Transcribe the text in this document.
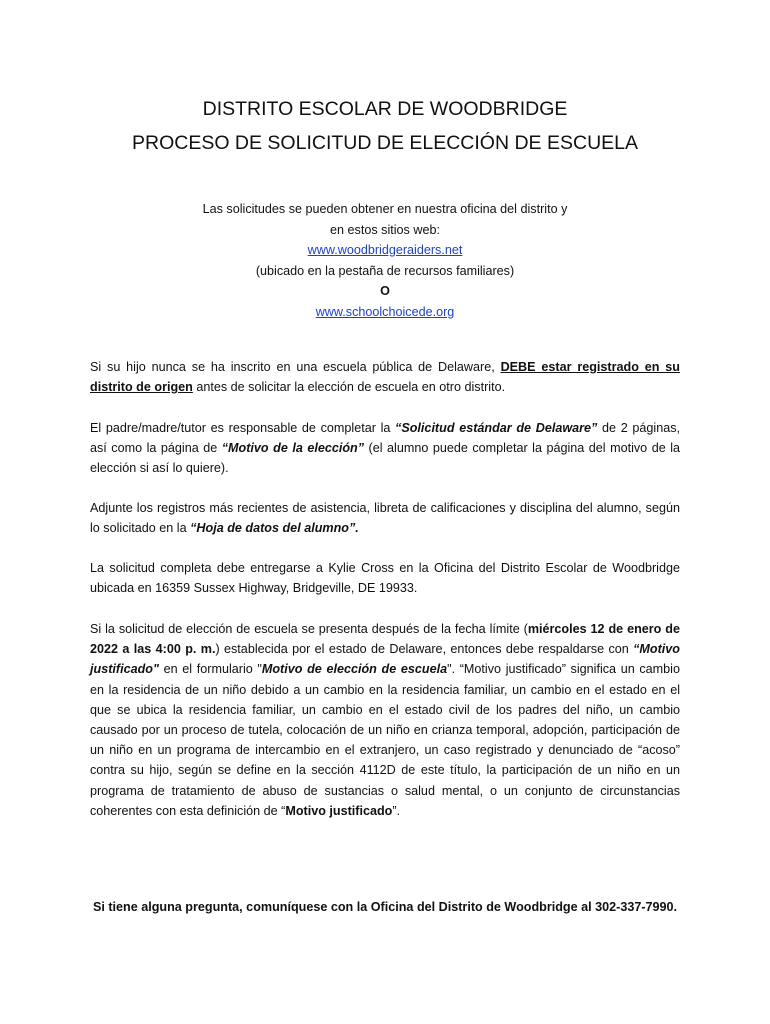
DISTRITO ESCOLAR DE WOODBRIDGE
PROCESO DE SOLICITUD DE ELECCIÓN DE ESCUELA
Las solicitudes se pueden obtener en nuestra oficina del distrito y
en estos sitios web:
www.woodbridgeraiders.net
(ubicado en la pestaña de recursos familiares)
O
www.schoolchoicede.org
Si su hijo nunca se ha inscrito en una escuela pública de Delaware, DEBE estar registrado en su distrito de origen antes de solicitar la elección de escuela en otro distrito.
El padre/madre/tutor es responsable de completar la “Solicitud estándar de Delaware” de 2 páginas, así como la página de “Motivo de la elección” (el alumno puede completar la página del motivo de la elección si así lo quiere).
Adjunte los registros más recientes de asistencia, libreta de calificaciones y disciplina del alumno, según lo solicitado en la “Hoja de datos del alumno”.
La solicitud completa debe entregarse a Kylie Cross en la Oficina del Distrito Escolar de Woodbridge ubicada en 16359 Sussex Highway, Bridgeville, DE 19933.
Si la solicitud de elección de escuela se presenta después de la fecha límite (miércoles 12 de enero de 2022 a las 4:00 p. m.) establecida por el estado de Delaware, entonces debe respaldarse con “Motivo justificado" en el formulario "Motivo de elección de escuela". “Motivo justificado” significa un cambio en la residencia de un niño debido a un cambio en la residencia familiar, un cambio en el estado en el que se ubica la residencia familiar, un cambio en el estado civil de los padres del niño, un cambio causado por un proceso de tutela, colocación de un niño en crianza temporal, adopción, participación de un niño en un programa de intercambio en el extranjero, un caso registrado y denunciado de “acoso” contra su hijo, según se define en la sección 4112D de este título, la participación de un niño en un programa de tratamiento de abuso de sustancias o salud mental, o un conjunto de circunstancias coherentes con esta definición de “Motivo justificado”.
Si tiene alguna pregunta, comuníquese con la Oficina del Distrito de Woodbridge al 302-337-7990.
